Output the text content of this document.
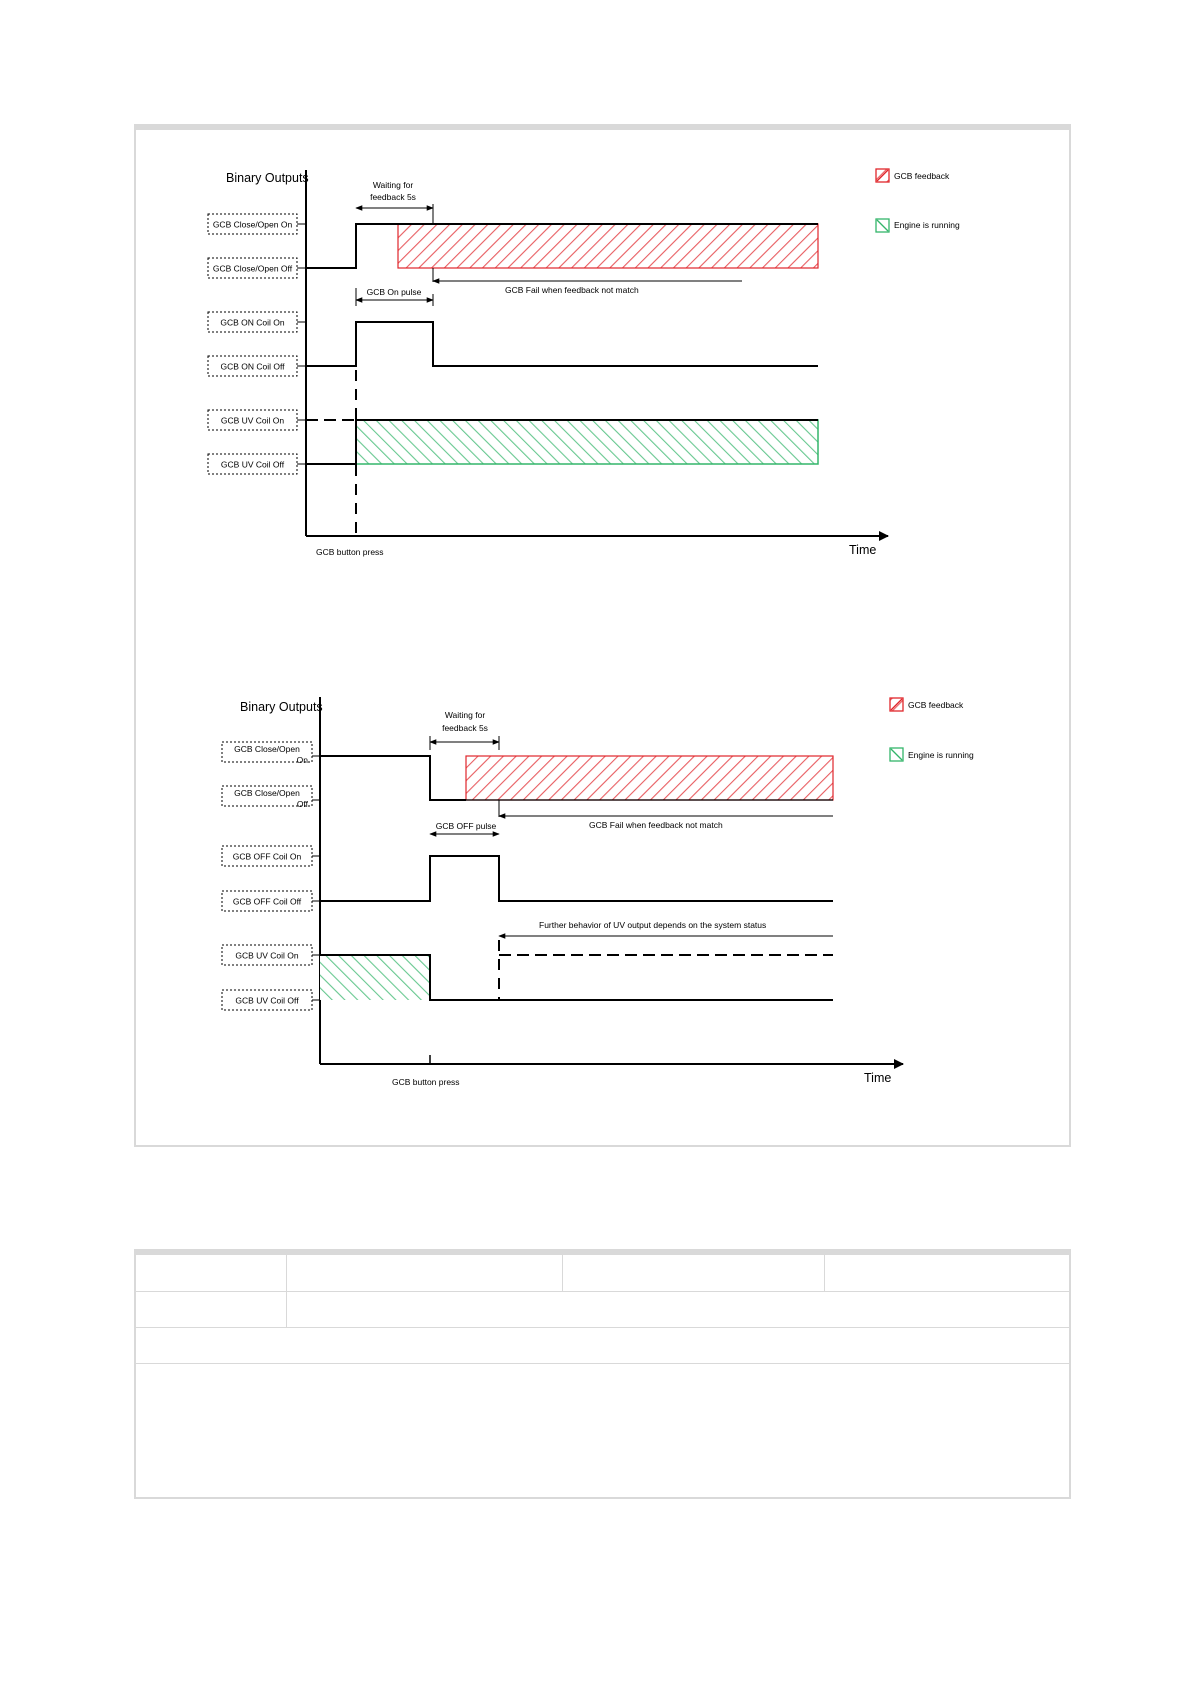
Binary Outputs
Time
GCB Close/Open On
GCB Close/Open Off
GCB ON Coil On
GCB ON Coil Off
GCB UV Coil On
GCB UV Coil Off
GCB button press
Waiting for
feedback 5s
GCB Fail when feedback not match
GCB On pulse
GCB feedback
Engine is running
Binary Outputs
Time
GCB Close/Open
On
GCB Close/Open
Off
GCB OFF Coil On
GCB OFF Coil Off
GCB UV Coil On
GCB UV Coil Off
GCB button press
Waiting for
feedback 5s
GCB Fail when feedback not match
GCB OFF pulse
Further behavior of UV output depends on the system status
GCB feedback
Engine is running
